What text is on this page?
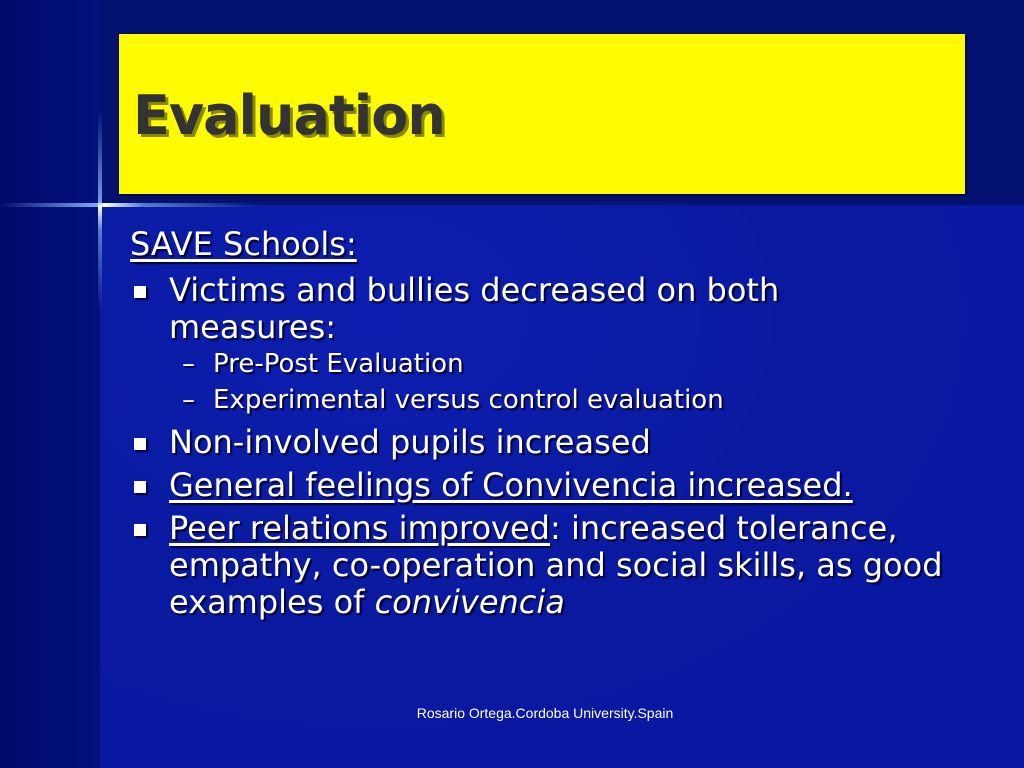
Evaluation
SAVE Schools:
Victims and bullies decreased on both measures:
– Pre-Post Evaluation
– Experimental versus control evaluation
Non-involved pupils increased
General feelings of Convivencia increased.
Peer relations improved: increased tolerance, empathy, co-operation and social skills, as good examples of convivencia
Rosario Ortega.Cordoba University.Spain
